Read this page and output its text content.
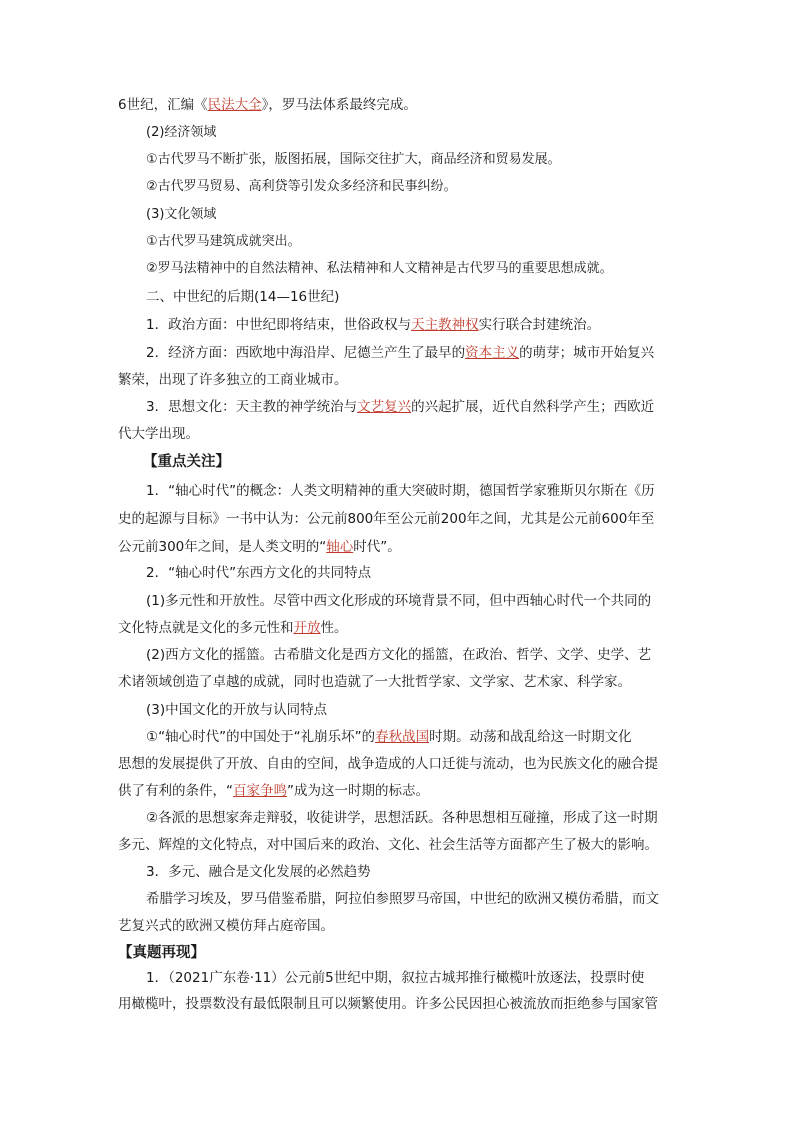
6世纪，汇编《民法大全》，罗马法体系最终完成。
(2)经济领域
①古代罗马不断扩张，版图拓展，国际交往扩大，商品经济和贸易发展。
②古代罗马贸易、高利贷等引发众多经济和民事纠纷。
(3)文化领域
①古代罗马建筑成就突出。
②罗马法精神中的自然法精神、私法精神和人文精神是古代罗马的重要思想成就。
二、中世纪的后期(14—16世纪)
1．政治方面：中世纪即将结束，世俗政权与天主教神权实行联合封建统治。
2．经济方面：西欧地中海沿岸、尼德兰产生了最早的资本主义的萌芽；城市开始复兴
繁荣，出现了许多独立的工商业城市。
3．思想文化：天主教的神学统治与文艺复兴的兴起扩展，近代自然科学产生；西欧近
代大学出现。
【重点关注】
1．“轴心时代”的概念：人类文明精神的重大突破时期，德国哲学家雅斯贝尔斯在《历
史的起源与目标》一书中认为：公元前800年至公元前200年之间，尤其是公元前600年至
公元前300年之间，是人类文明的“轴心时代”。
2．“轴心时代”东西方文化的共同特点
(1)多元性和开放性。尽管中西文化形成的环境背景不同，但中西轴心时代一个共同的
文化特点就是文化的多元性和开放性。
(2)西方文化的摇篮。古希腊文化是西方文化的摇篮，在政治、哲学、文学、史学、艺
术诸领域创造了卓越的成就，同时也造就了一大批哲学家、文学家、艺术家、科学家。
(3)中国文化的开放与认同特点
①“轴心时代”的中国处于“礼崩乐坏”的春秋战国时期。动荡和战乱给这一时期文化
思想的发展提供了开放、自由的空间，战争造成的人口迁徙与流动，也为民族文化的融合提
供了有利的条件，“百家争鸣”成为这一时期的标志。
②各派的思想家奔走辩驳，收徒讲学，思想活跃。各种思想相互碰撞，形成了这一时期
多元、辉煌的文化特点，对中国后来的政治、文化、社会生活等方面都产生了极大的影响。
3．多元、融合是文化发展的必然趋势
希腊学习埃及，罗马借鉴希腊，阿拉伯参照罗马帝国，中世纪的欧洲又模仿希腊，而文
艺复兴式的欧洲又模仿拜占庭帝国。
【真题再现】
1．（2021广东卷·11）公元前5世纪中期，叙拉古城邦推行橄榄叶放逐法，投票时使
用橄榄叶，投票数没有最低限制且可以频繁使用。许多公民因担心被流放而拒绝参与国家管
